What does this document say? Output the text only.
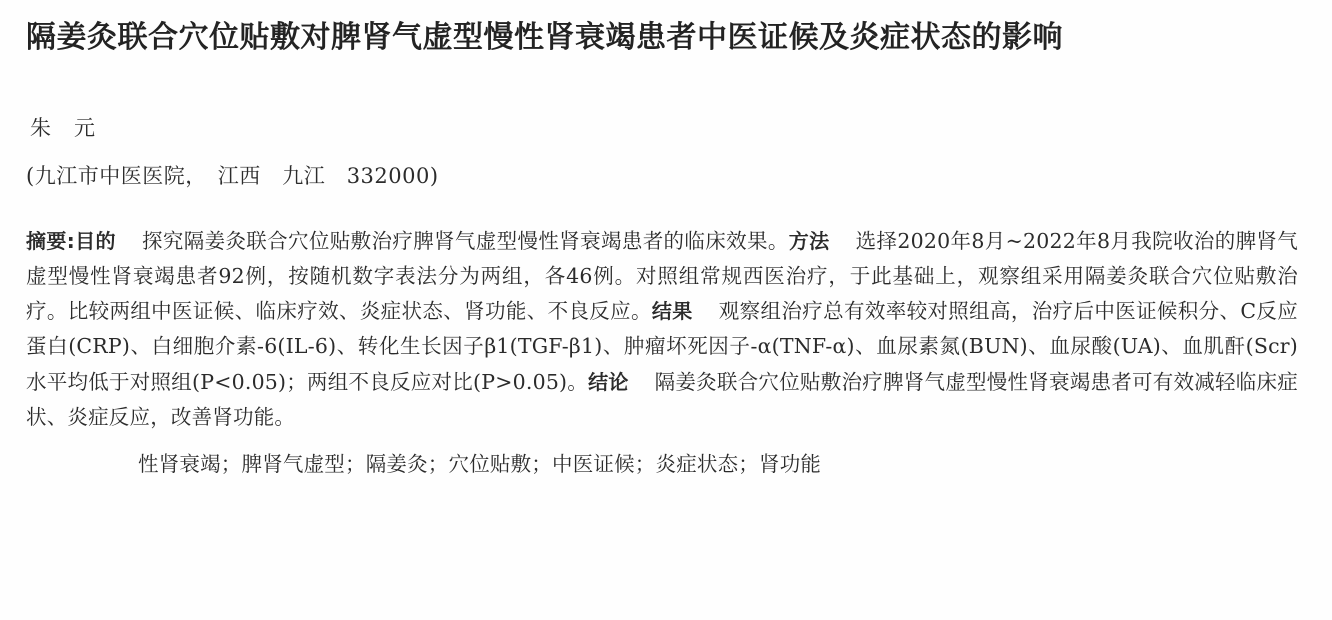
隔姜灸联合穴位贴敷对脾肾气虚型慢性肾衰竭患者中医证候及炎症状态的影响
朱　元
(九江市中医医院，　江西　九江　332000)
摘要:目的 探究隔姜灸联合穴位贴敷治疗脾肾气虚型慢性肾衰竭患者的临床效果。方法 选择2020年8月~2022年8月我院收治的脾肾气虚型慢性肾衰竭患者92例，按随机数字表法分为两组，各46例。对照组常规西医治疗，于此基础上，观察组采用隔姜灸联合穴位贴敷治疗。比较两组中医证候、临床疗效、炎症状态、肾功能、不良反应。结果 观察组治疗总有效率较对照组高，治疗后中医证候积分、C反应蛋白(CRP)、白细胞介素-6(IL-6)、转化生长因子β1(TGF-β1)、肿瘤坏死因子-α(TNF-α)、血尿素氮(BUN)、血尿酸(UA)、血肌酐(Scr)水平均低于对照组(P<0.05)；两组不良反应对比(P>0.05)。结论 隔姜灸联合穴位贴敷治疗脾肾气虚型慢性肾衰竭患者可有效减轻临床症状、炎症反应，改善肾功能。
性肾衰竭；脾肾气虚型；隔姜灸；穴位贴敷；中医证候；炎症状态；肾功能
